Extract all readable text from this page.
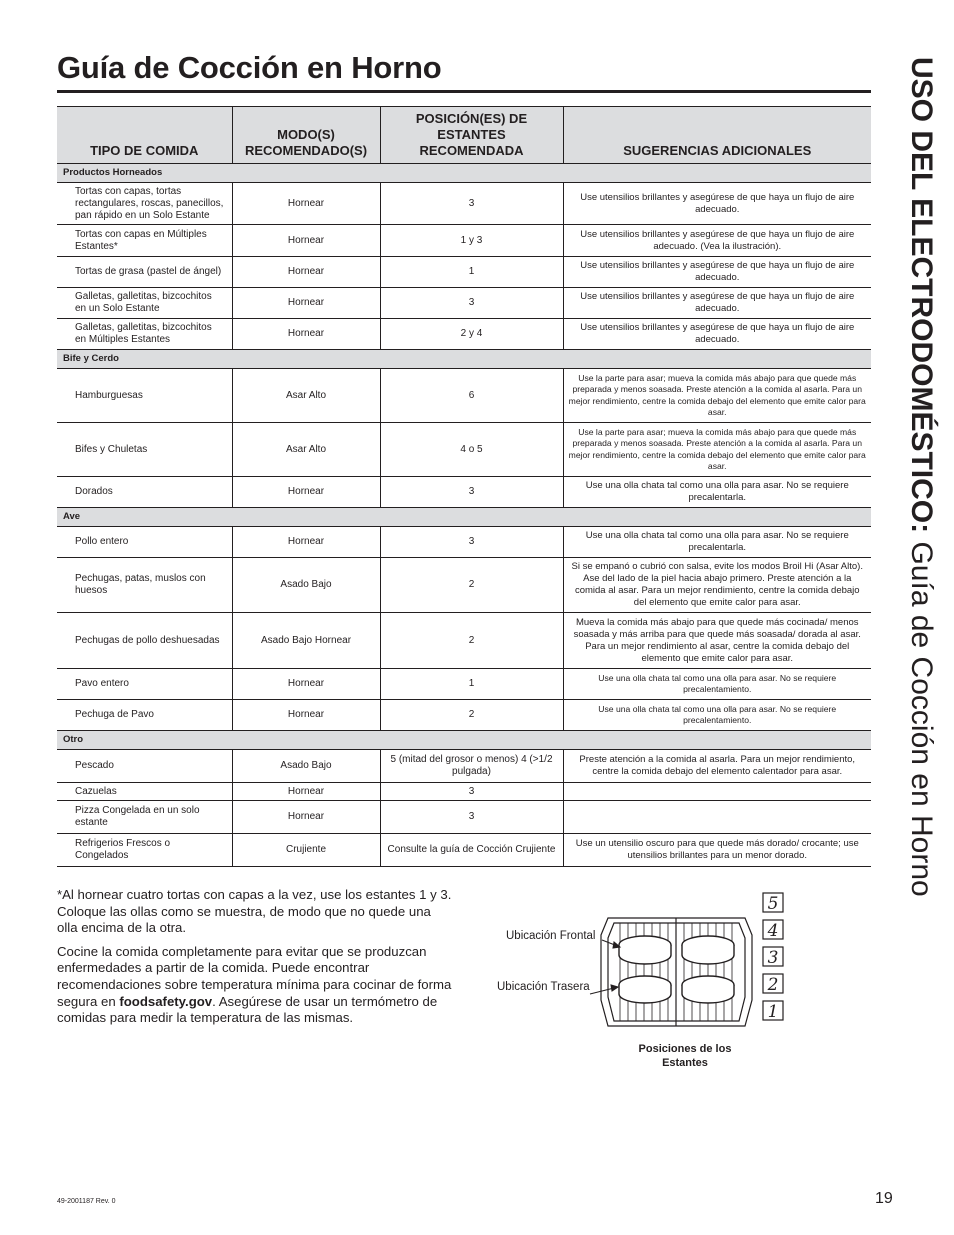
Guía de Cocción en Horno	USO DEL ELECTRODOMÉSTICO: Guía de Cocción en Horno
TIPO DE COMIDA	MODO(S) RECOMENDADO(S)	POSICIÓN(ES) DE ESTANTES RECOMENDADA	SUGERENCIAS ADICIONALES
Productos Horneados			
Tortas con capas, tortas rectangulares, roscas, panecillos, pan rápido en un Solo Estante	Hornear	3	Use utensilios brillantes y asegúrese de que haya un flujo de aire adecuado.
Tortas con capas en Múltiples Estantes*	Hornear	1 y 3	Use utensilios brillantes y asegúrese de que haya un flujo de aire adecuado. (Vea la ilustración).
Tortas de grasa (pastel de ángel)	Hornear	1	Use utensilios brillantes y asegúrese de que haya un flujo de aire adecuado.
Galletas, galletitas, bizcochitos en un Solo Estante	Hornear	3	Use utensilios brillantes y asegúrese de que haya un flujo de aire adecuado.
Galletas, galletitas, bizcochitos en Múltiples Estantes	Hornear	2 y 4	Use utensilios brillantes y asegúrese de que haya un flujo de aire adecuado.
Bife y Cerdo			
Hamburguesas	Asar Alto	6	Use la parte para asar; mueva la comida más abajo para que quede más preparada y menos soasada. Preste atención a la comida al asarla. Para un mejor rendimiento, centre la comida debajo del elemento que emite calor para asar.
Bifes y Chuletas	Asar Alto	4 o 5	Use la parte para asar; mueva la comida más abajo para que quede más preparada y menos soasada. Preste atención a la comida al asarla. Para un mejor rendimiento, centre la comida debajo del elemento que emite calor para asar.
Dorados	Hornear	3	Use una olla chata tal como una olla para asar. No se requiere precalentarla.
Ave			
Pollo entero	Hornear	3	Use una olla chata tal como una olla para asar. No se requiere precalentarla.
Pechugas, patas, muslos con huesos	Asado Bajo	2	Si se empanó o cubrió con salsa, evite los modos Broil Hi (Asar Alto). Ase del lado de la piel hacia abajo primero. Preste atención a la comida al asar. Para un mejor rendimiento, centre la comida debajo del elemento que emite calor para asar.
Pechugas de pollo deshuesadas	Asado Bajo Hornear	2	Mueva la comida más abajo para que quede más cocinada/ menos soasada y más arriba para que quede más soasada/ dorada al asar. Para un mejor rendimiento al asar, centre la comida debajo del elemento que emite calor para asar.
Pavo entero	Hornear	1	Use una olla chata tal como una olla para asar. No se requiere precalentamiento.
Pechuga de Pavo	Hornear	2	Use una olla chata tal como una olla para asar. No se requiere precalentamiento.
Otro			
Pescado	Asado Bajo	5 (mitad del grosor o menos) 4 (>1/2 pulgada)	Preste atención a la comida al asarla. Para un mejor rendimiento, centre la comida debajo del elemento calentador para asar.
Cazuelas	Hornear	3	
Pizza Congelada en un solo estante	Hornear	3	
Refrigerios Frescos o Congelados	Crujiente	Consulte la guía de Cocción Crujiente	Use un utensilio oscuro para que quede más dorado/ crocante; use utensilios brillantes para un menor dorado.

*Al hornear cuatro tortas con capas a la vez, use los estantes 1 y 3. Coloque las ollas como se muestra, de modo que no quede una olla encima de la otra.

Cocine la comida completamente para evitar que se produzcan enfermedades a partir de la comida. Puede encontrar recomendaciones sobre temperatura mínima para cocinar de forma segura en foodsafety.gov. Asegúrese de usar un termómetro de comidas para medir la temperatura de las mismas.

Ubicación Frontal
Ubicación Trasera
5
4
3
2
1
Posiciones de los Estantes
49-2001187 Rev. 0	19
